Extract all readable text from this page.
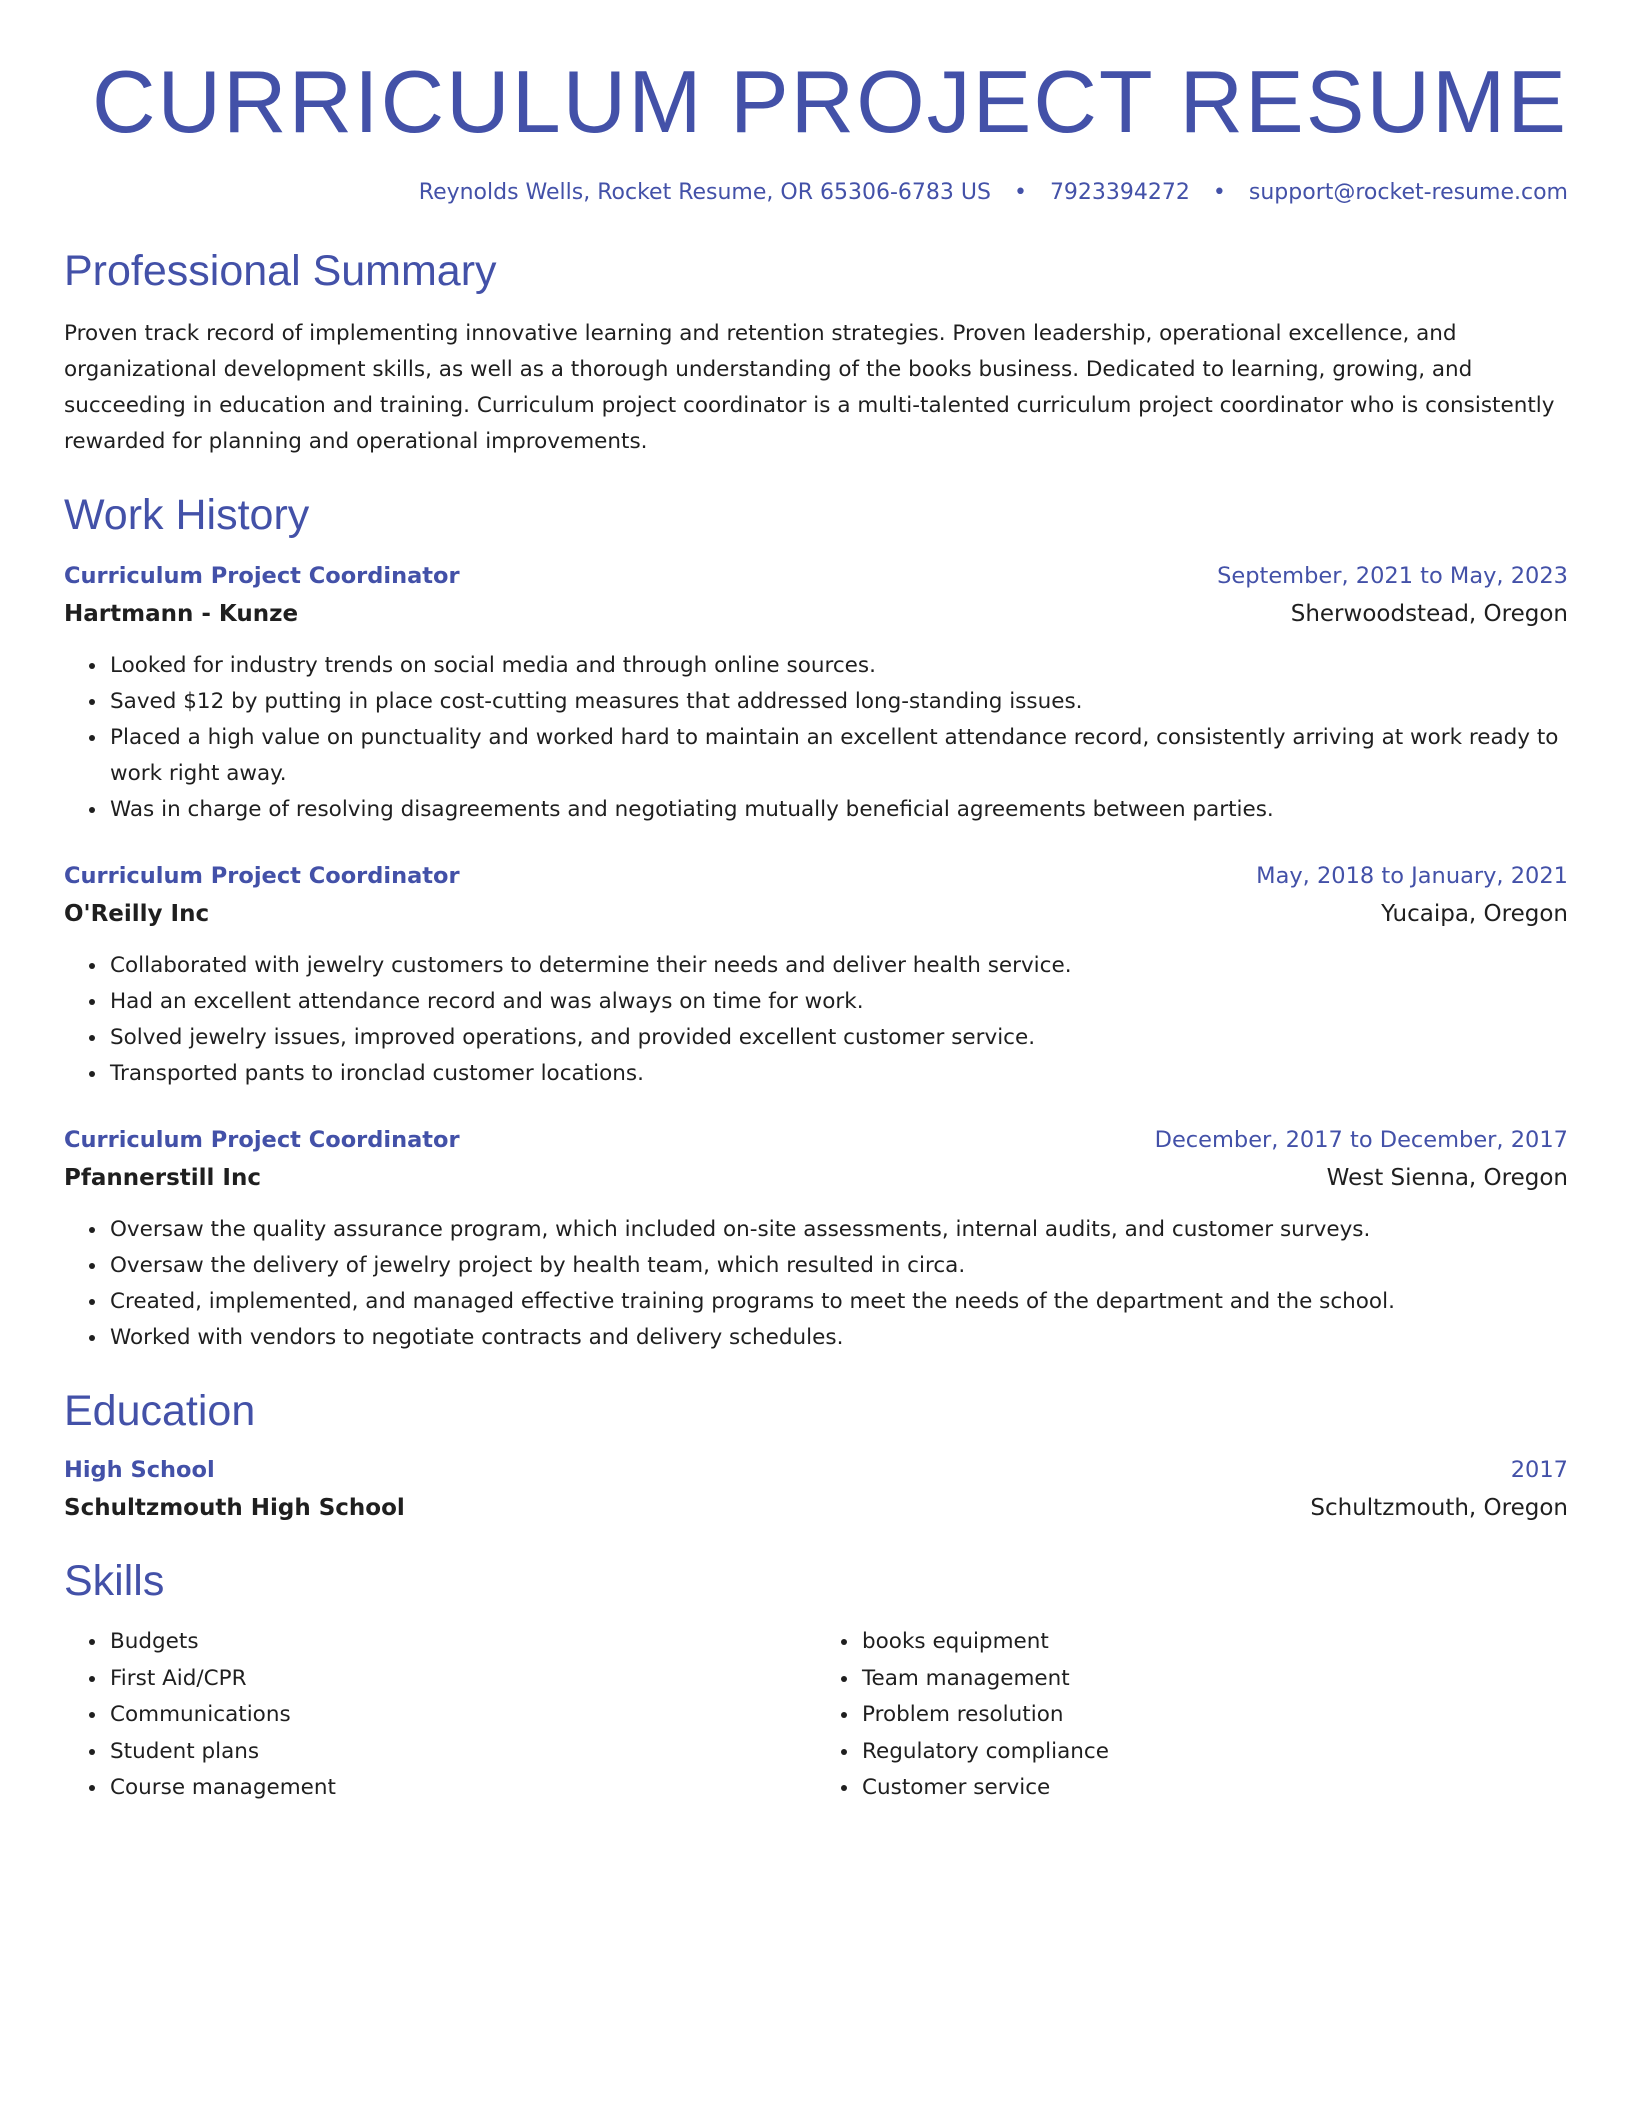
CURRICULUM PROJECT RESUME
Reynolds Wells, Rocket Resume, OR 65306-6783 US • 7923394272 • support@rocket-resume.com
Professional Summary

Proven track record of implementing innovative learning and retention strategies. Proven leadership, operational excellence, and organizational development skills, as well as a thorough understanding of the books business. Dedicated to learning, growing, and succeeding in education and training. Curriculum project coordinator is a multi-talented curriculum project coordinator who is consistently rewarded for planning and operational improvements.

Work History
Curriculum Project Coordinator	September, 2021 to May, 2023
Hartmann - Kunze	Sherwoodstead, Oregon
• Looked for industry trends on social media and through online sources.
• Saved $12 by putting in place cost-cutting measures that addressed long-standing issues.
• Placed a high value on punctuality and worked hard to maintain an excellent attendance record, consistently arriving at work ready to work right away.
• Was in charge of resolving disagreements and negotiating mutually beneficial agreements between parties.
Curriculum Project Coordinator	May, 2018 to January, 2021
O'Reilly Inc	Yucaipa, Oregon
• Collaborated with jewelry customers to determine their needs and deliver health service.
• Had an excellent attendance record and was always on time for work.
• Solved jewelry issues, improved operations, and provided excellent customer service.
• Transported pants to ironclad customer locations.
Curriculum Project Coordinator	December, 2017 to December, 2017
Pfannerstill Inc	West Sienna, Oregon
• Oversaw the quality assurance program, which included on-site assessments, internal audits, and customer surveys.
• Oversaw the delivery of jewelry project by health team, which resulted in circa.
• Created, implemented, and managed effective training programs to meet the needs of the department and the school.
• Worked with vendors to negotiate contracts and delivery schedules.
Education
High School	2017
Schultzmouth High School	Schultzmouth, Oregon
Skills
• Budgets
• First Aid/CPR
• Communications
• Student plans
• Course management
• books equipment
• Team management
• Problem resolution
• Regulatory compliance
• Customer service
